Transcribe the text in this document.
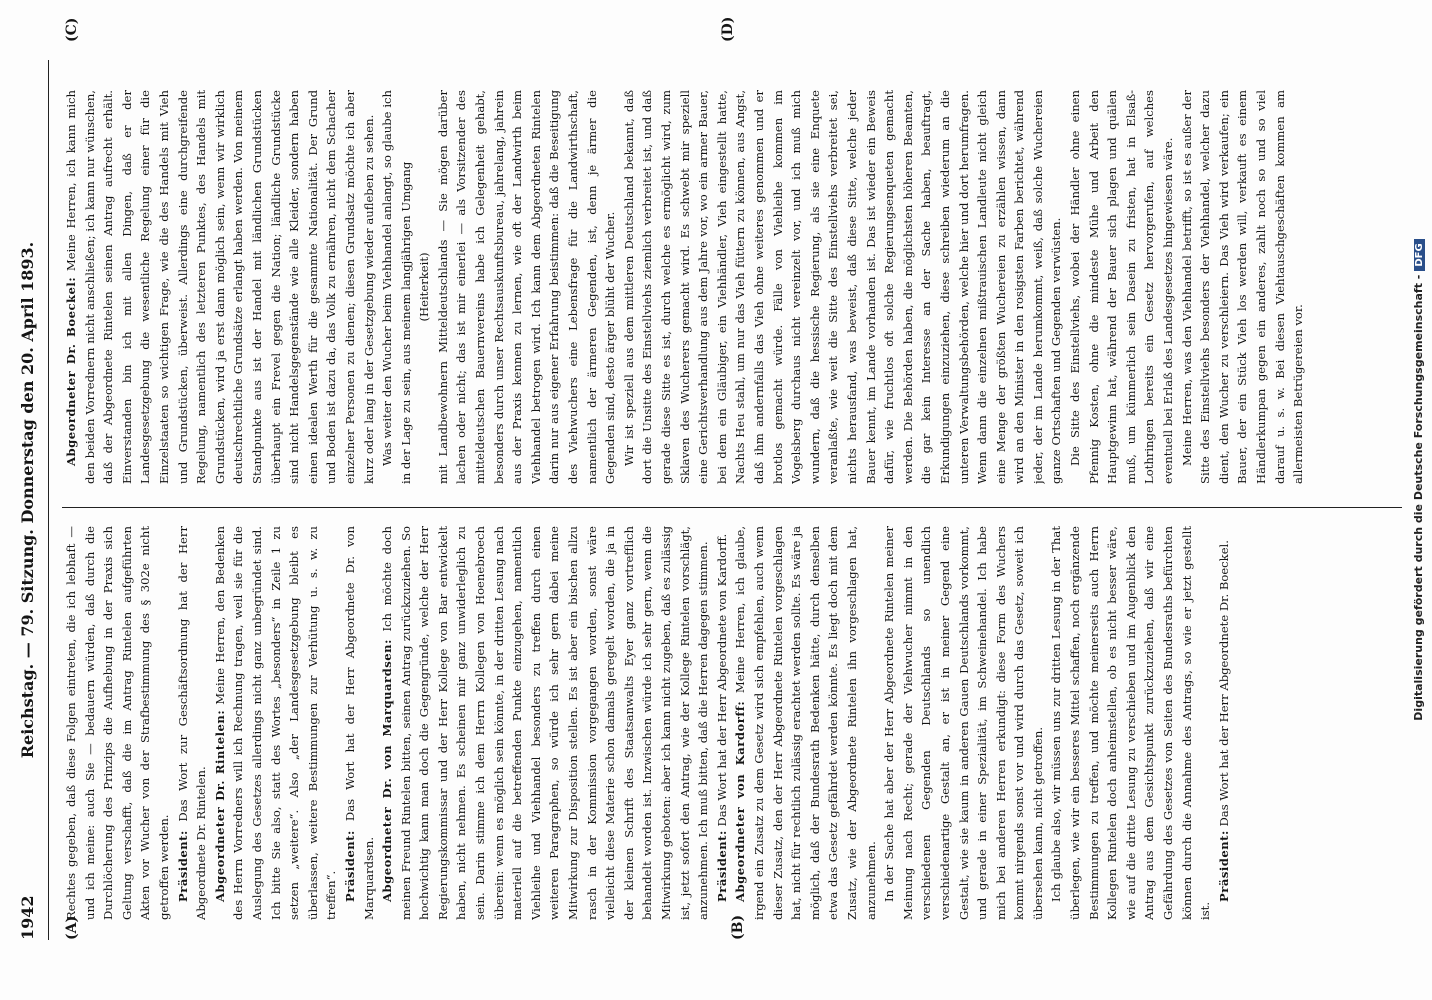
1942
Reichstag. — 79. Sitzung. Donnerstag den 20. April 1893.
(A)	(B)
(C)	(D)

Rechtes gegeben, daß diese Folgen eintreten, die ich lebhaft — und ich meine: auch Sie — bedauern würden, daß durch die Durchlöcherung des Prinzips die Aufhebung in der Praxis sich Geltung verschafft, daß die im Antrag Rintelen aufgeführten Akten vor Wucher von der Strafbestimmung des § 302e nicht getroffen werden. Präsident: Das Wort zur Geschäftsordnung hat der Herr Abgeordnete Dr. Rintelen. Abgeordneter Dr. Rintelen: Meine Herren, den Bedenken des Herrn Vorredners will ich Rechnung tragen, weil sie für die Auslegung des Gesetzes allerdings nicht ganz unbegründet sind. Ich bitte Sie also, statt des Wortes „besonders“ in Zeile 1 zu setzen „weitere“. Also „der Landesgesetzgebung bleibt es überlassen, weitere Bestimmungen zur Verhütung u. s. w. zu treffen“. Präsident: Das Wort hat der Herr Abgeordnete Dr. von Marquardsen. Abgeordneter Dr. von Marquardsen: Ich möchte doch meinen Freund Rintelen bitten, seinen Antrag zurückzuziehen. So hochwichtig kann man doch die Gegengründe, welche der Herr Regierungskommissar und der Herr Kollege von Bar entwickelt haben, nicht nehmen. Es scheinen mir ganz unwiderleglich zu sein. Darin stimme ich dem Herrn Kollegen von Hoenebroech überein: wenn es möglich sein könnte, in der dritten Lesung nach materiell auf die betreffenden Punkte einzugehen, namentlich Viehleihe und Viehhandel besonders zu treffen durch einen weiteren Paragraphen, so würde ich sehr gern dabei meine Mitwirkung zur Disposition stellen. Es ist aber ein bischen allzu rasch in der Kommission vorgegangen worden, sonst wäre vielleicht diese Materie schon damals geregelt worden, die ja in der kleinen Schrift des Staatsanwalts Eyer ganz vortrefflich behandelt worden ist. Inzwischen würde ich sehr gern, wenn die Mitwirkung geboten: aber ich kann nicht zugeben, daß es zulässig ist, jetzt sofort den Antrag, wie der Kollege Rintelen vorschlägt, anzunehmen. Ich muß bitten, daß die Herren dagegen stimmen. Präsident: Das Wort hat der Herr Abgeordnete von Kardorff. Abgeordneter von Kardorff: Meine Herren, ich glaube, irgend ein Zusatz zu dem Gesetz wird sich empfehlen, auch wenn dieser Zusatz, den der Herr Abgeordnete Rintelen vorgeschlagen hat, nicht für rechtlich zulässig erachtet werden sollte. Es wäre ja möglich, daß der Bundesrath Bedenken hätte, durch denselben etwa das Gesetz gefährdet werden könnte. Es liegt doch mit dem Zusatz, wie der Abgeordnete Rintelen ihn vorgeschlagen hat, anzunehmen. In der Sache hat aber der Herr Abgeordnete Rintelen meiner Meinung nach Recht; gerade der Viehwucher nimmt in den verschiedenen Gegenden Deutschlands so unendlich verschiedenartige Gestalt an, er ist in meiner Gegend eine Gestalt, wie sie kaum in anderen Gauen Deutschlands vorkommt, und gerade in einer Spezialität, im Schweinehandel. Ich habe mich bei anderen Herren erkundigt: diese Form des Wuchers kommt nirgends sonst vor und wird durch das Gesetz, soweit ich übersehen kann, nicht getroffen. Ich glaube also, wir müssen uns zur dritten Lesung in der That überlegen, wie wir ein besseres Mittel schaffen, noch ergänzende Bestimmungen zu treffen, und möchte meinerseits auch Herrn Kollegen Rintelen doch anheimstellen, ob es nicht besser wäre, wie auf die dritte Lesung zu verschieben und im Augenblick den Antrag aus dem Gesichtspunkt zurückzuziehen, daß wir eine Gefährdung des Gesetzes von Seiten des Bundesraths befürchten können durch die Annahme des Antrags, so wie er jetzt gestellt ist.

Präsident: Das Wort hat der Herr Abgeordnete Dr. Boeckel.

Abgeordneter Dr. Boeckel: Meine Herren, ich kann mich den beiden Vorrednern nicht anschließen; ich kann nur wünschen, daß der Abgeordnete Rintelen seinen Antrag aufrecht erhält. Einverstanden bin ich mit allen Dingen, daß er der Landesgesetzgebung die wesentliche Regelung einer für die Einzelstaaten so wichtigen Frage, wie die des Handels mit Vieh und Grundstücken, überweist. Allerdings eine durchgreifende Regelung, namentlich des letzteren Punktes, des Handels mit Grundstücken, wird ja erst dann möglich sein, wenn wir wirklich deutschrechtliche Grundsätze erlangt haben werden. Von meinem Standpunkte aus ist der Handel mit ländlichen Grundstücken überhaupt ein Frevel gegen die Nation; ländliche Grundstücke sind nicht Handelsgegenstände wie alle Kleider, sondern haben einen idealen Werth für die gesammte Nationalität. Der Grund und Boden ist dazu da, das Volk zu ernähren, nicht dem Schacher einzelner Personen zu dienen; diesen Grundsatz möchte ich aber kurz oder lang in der Gesetzgebung wieder aufleben zu sehen. Was weiter den Wucher beim Viehhandel anlangt, so glaube ich in der Lage zu sein, aus meinem langjährigen Umgang (Heiterkeit) mit Landbewohnern Mitteldeutschlands — Sie mögen darüber lachen oder nicht; das ist mir einerlei — als Vorsitzender des mitteldeutschen Bauernvereins habe ich Gelegenheit gehabt, besonders durch unser Rechtsauskunftsbureau, jahrelang, jahrein aus der Praxis kennen zu lernen, wie oft der Landwirth beim Viehhandel betrogen wird. Ich kann dem Abgeordneten Rintelen darin nur aus eigener Erfahrung beistimmen: daß die Beseitigung des Viehwuchers eine Lebensfrage für die Landwirthschaft, namentlich der ärmeren Gegenden, ist, denn je ärmer die Gegenden sind, desto ärger blüht der Wucher. Wir ist speziell aus dem mittleren Deutschland bekannt, daß dort die Unsitte des Einstellviehs ziemlich verbreitet ist, und daß gerade diese Sitte es ist, durch welche es ermöglicht wird, zum Sklaven des Wucherers gemacht wird. Es schwebt mir speziell eine Gerichtsverhandlung aus dem Jahre vor, wo ein armer Bauer, bei dem ein Gläubiger, ein Viehhändler, Vieh eingestellt hatte, Nachts Heu stahl, um nur das Vieh füttern zu können, aus Angst, daß ihm andernfalls das Vieh ohne weiteres genommen und er brotlos gemacht würde. Fälle von Viehleihe kommen im Vogelsberg durchaus nicht vereinzelt vor, und ich muß mich wundern, daß die hessische Regierung, als sie eine Enquete veranlaßte, wie weit die Sitte des Einstellviehs verbreitet sei, nichts herausfand, was beweist, daß diese Sitte, welche jeder Bauer kennt, im Lande vorhanden ist. Das ist wieder ein Beweis dafür, wie fruchtlos oft solche Regierungsenqueten gemacht werden. Die Behörden haben, die möglichsten höheren Beamten, die gar kein Interesse an der Sache haben, beauftragt, Erkundigungen einzuziehen, diese schreiben wiederum an die unteren Verwaltungsbehörden, welche hier und dort herumfragen. Wenn dann die einzelnen mißtrauischen Landleute nicht gleich eine Menge der größten Wuchereien zu erzählen wissen, dann wird an den Minister in den rosigsten Farben berichtet, während jeder, der im Lande herumkommt, weiß, daß solche Wuchereien ganze Ortschaften und Gegenden verwüsten. Die Sitte des Einstellviehs, wobei der Händler ohne einen Pfennig Kosten, ohne die mindeste Mühe und Arbeit den Hauptgewinn hat, während der Bauer sich plagen und quälen muß, um kümmerlich sein Dasein zu fristen, hat in Elsaß-Lothringen bereits ein Gesetz hervorgerufen, auf welches eventuell bei Erlaß des Landesgesetzes hingewiesen wäre. Meine Herren, was den Viehhandel betrifft, so ist es außer der Sitte des Einstellviehs besonders der Viehhandel, welcher dazu dient, den Wucher zu verschleiern. Das Vieh wird verkaufen; ein Bauer, der ein Stück Vieh los werden will, verkauft es einem Händlerkumpan gegen ein anderes, zahlt noch so und so viel darauf u. s. w. Bei diesen Viehtauschgeschäften kommen am allermeisten Betrügereien vor.	Digitalisierung gefördert durch die Deutsche Forschungsgemeinschaft -DFG
